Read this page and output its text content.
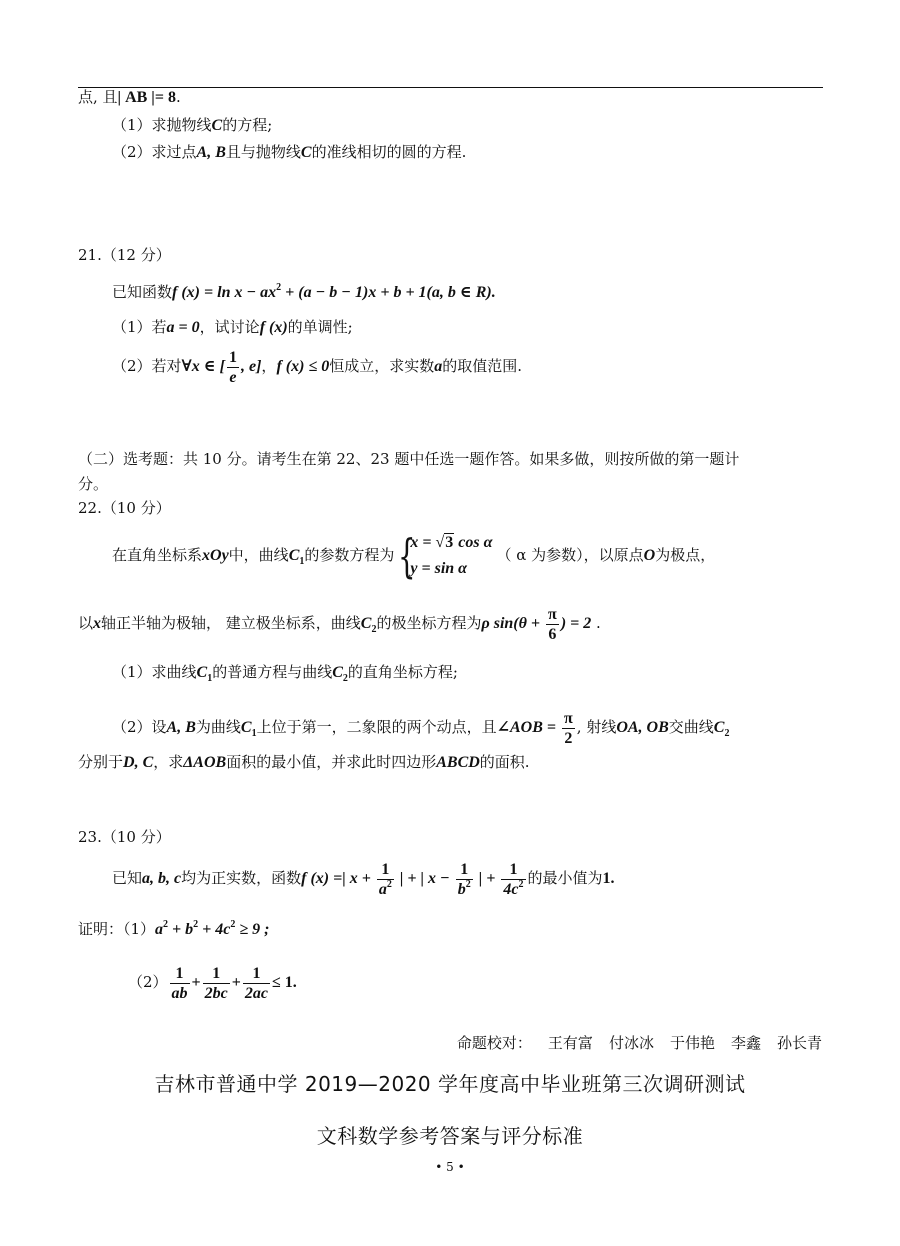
点, 且| AB |= 8.
（1）求抛物线C的方程;
（2）求过点A, B且与抛物线C的准线相切的圆的方程.
21.（12 分）
已知函数f $(x) = \ln x - ax^2 + (a - b - 1)x + b + 1(a$, b ∈ R).
（1）若a = 0，试讨论f (x)的单调性;
（2）若对∀x ∈ [ $\frac{1}{e}$ , e]，f (x) ≤ 0恒成立，求实数a的取值范围.
（二）选考题：共 10 分。请考生在第 22、23 题中任选一题作答。如果多做，则按所做的第一题计
分。
22.（10 分）
在直角坐标系xOy中，曲线$C_1$的参数方程为 {
x = √3 cos α
y = sin α
（ α 为参数），以原点O为极点，
以x轴正半轴为极轴， 建立极坐标系，曲线$C_2$的极坐标方程为ρ $\sin(\theta + \frac{\pi}{6}$ ) = 2 .
（1）求曲线$C_1$的普通方程与曲线$C_2$的直角坐标方程;
（2）设A, B为曲线$C_1$上位于第一，二象限的两个动点，且∠AOB = $\frac{\pi}{2}$ , 射线OA, OB交曲线$C_2$
分别于D, C，求ΔAOB面积的最小值，并求此时四边形ABCD的面积.
23.（10 分）
已知a, b, c均为正实数，函数f (x) =| $x + \frac{1}{a^2}$ | + | $x - \frac{1}{b^2}$ | + $\frac{1}{4c^2}$ 的最小值为1.
证明：$(1)a^2 + b^2 + 4c^2 \ge 9$ ;
$(2) \frac{1}{ab} + \frac{1}{2bc} + \frac{1}{2ac} \le 1$.
命题校对： 王有富 付冰冰 于伟艳 李鑫 孙长青
吉林市普通中学 2019—2020 学年度高中毕业班第三次调研测试
文科数学参考答案与评分标准
• 5 •
